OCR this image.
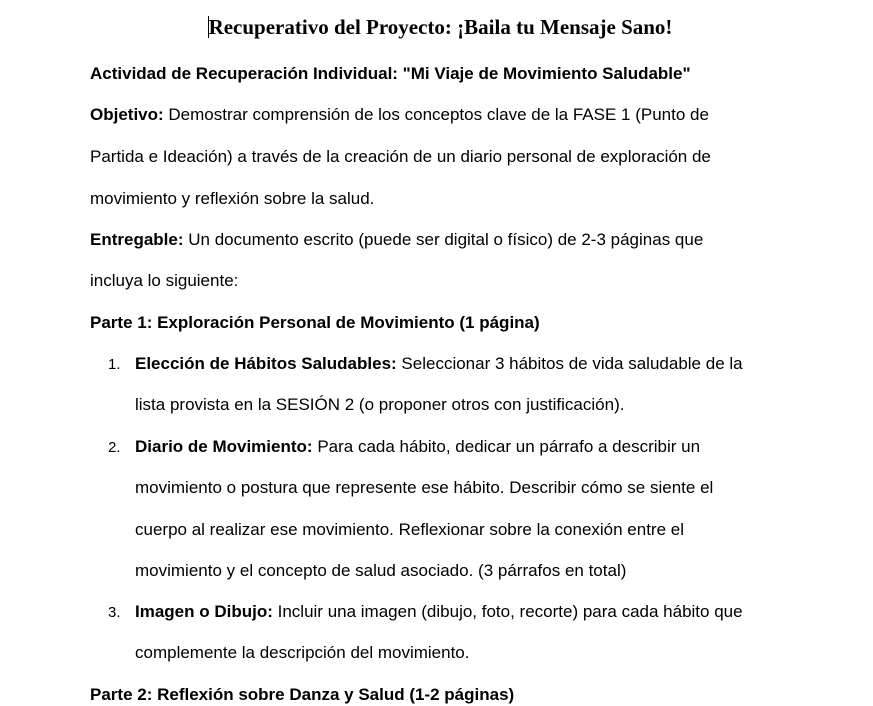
Recuperativo del Proyecto: ¡Baila tu Mensaje Sano!
Actividad de Recuperación Individual: "Mi Viaje de Movimiento Saludable"
Objetivo: Demostrar comprensión de los conceptos clave de la FASE 1 (Punto de
Partida e Ideación) a través de la creación de un diario personal de exploración de
movimiento y reflexión sobre la salud.
Entregable: Un documento escrito (puede ser digital o físico) de 2-3 páginas que
incluya lo siguiente:
Parte 1: Exploración Personal de Movimiento (1 página)
1. Elección de Hábitos Saludables: Seleccionar 3 hábitos de vida saludable de la
lista provista en la SESIÓN 2 (o proponer otros con justificación).
2. Diario de Movimiento: Para cada hábito, dedicar un párrafo a describir un
movimiento o postura que represente ese hábito. Describir cómo se siente el
cuerpo al realizar ese movimiento. Reflexionar sobre la conexión entre el
movimiento y el concepto de salud asociado. (3 párrafos en total)
3. Imagen o Dibujo: Incluir una imagen (dibujo, foto, recorte) para cada hábito que
complemente la descripción del movimiento.
Parte 2: Reflexión sobre Danza y Salud (1-2 páginas)
